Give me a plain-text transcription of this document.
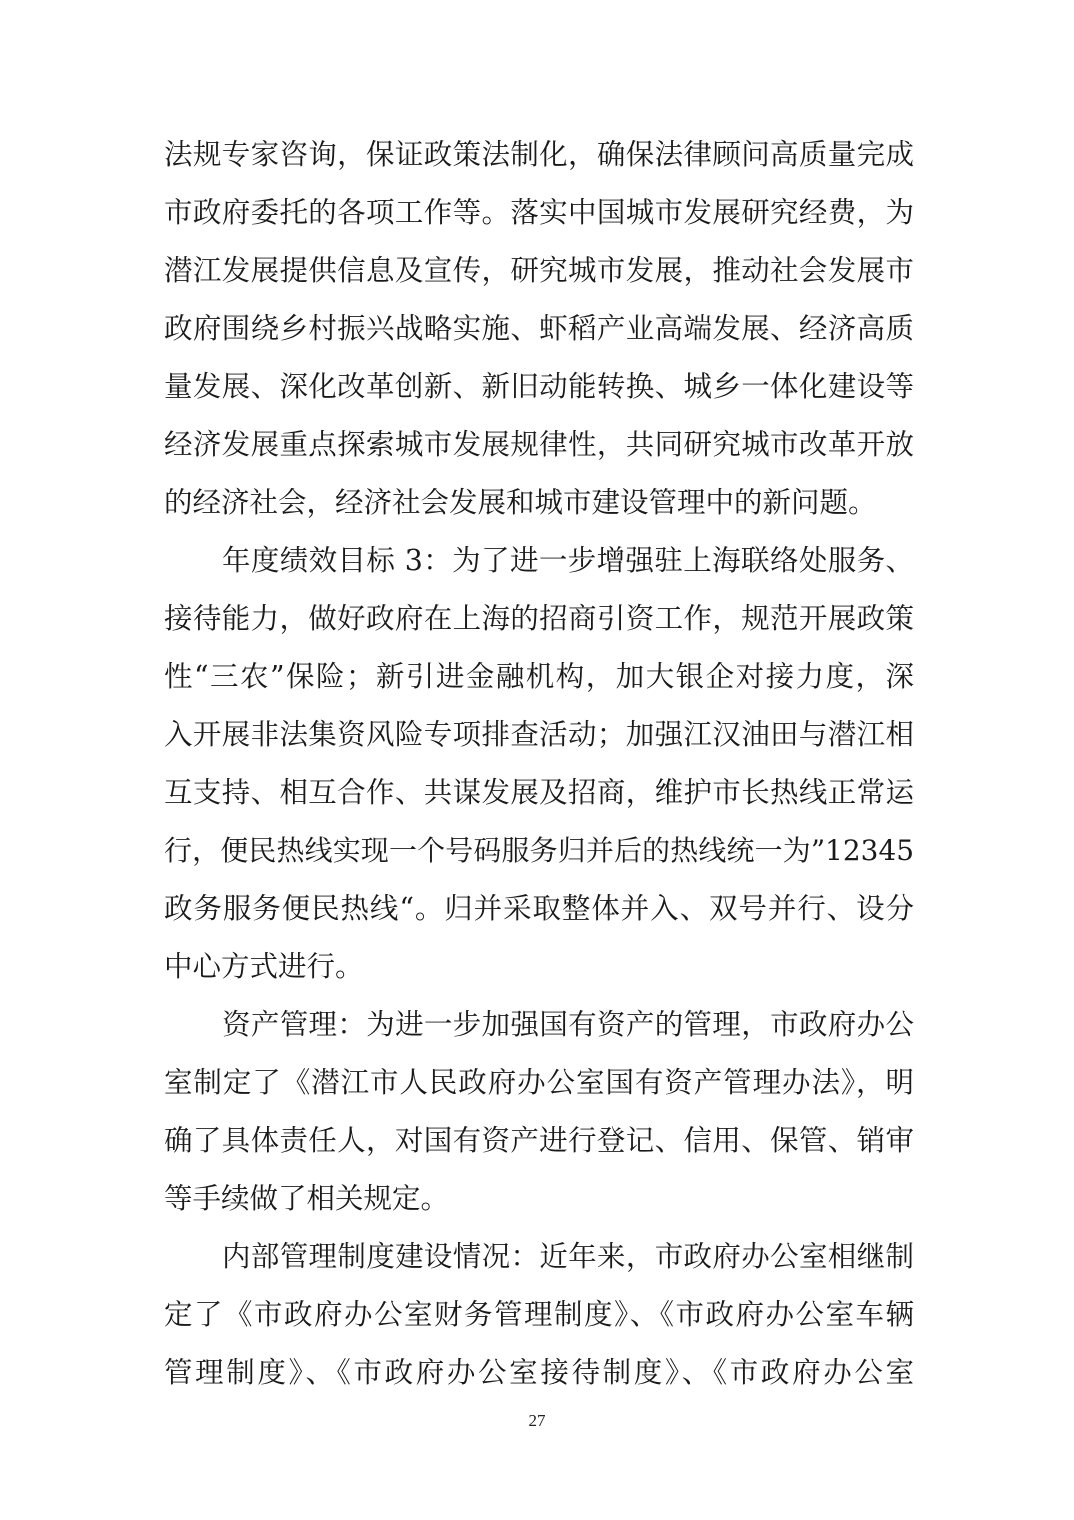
法规专家咨询，保证政策法制化，确保法律顾问高质量完成
市政府委托的各项工作等。落实中国城市发展研究经费，为
潜江发展提供信息及宣传，研究城市发展，推动社会发展市
政府围绕乡村振兴战略实施、虾稻产业高端发展、经济高质
量发展、深化改革创新、新旧动能转换、城乡一体化建设等
经济发展重点探索城市发展规律性，共同研究城市改革开放
的经济社会，经济社会发展和城市建设管理中的新问题。
年度绩效目标 3：为了进一步增强驻上海联络处服务、
接待能力，做好政府在上海的招商引资工作，规范开展政策
性“三农”保险；新引进金融机构，加大银企对接力度，深
入开展非法集资风险专项排查活动；加强江汉油田与潜江相
互支持、相互合作、共谋发展及招商，维护市长热线正常运
行，便民热线实现一个号码服务归并后的热线统一为”12345
政务服务便民热线“。归并采取整体并入、双号并行、设分
中心方式进行。
资产管理：为进一步加强国有资产的管理，市政府办公
室制定了《潜江市人民政府办公室国有资产管理办法》，明
确了具体责任人，对国有资产进行登记、信用、保管、销审
等手续做了相关规定。
内部管理制度建设情况：近年来，市政府办公室相继制
定了《市政府办公室财务管理制度》、《市政府办公室车辆
管理制度》、《市政府办公室接待制度》、《市政府办公室
27
